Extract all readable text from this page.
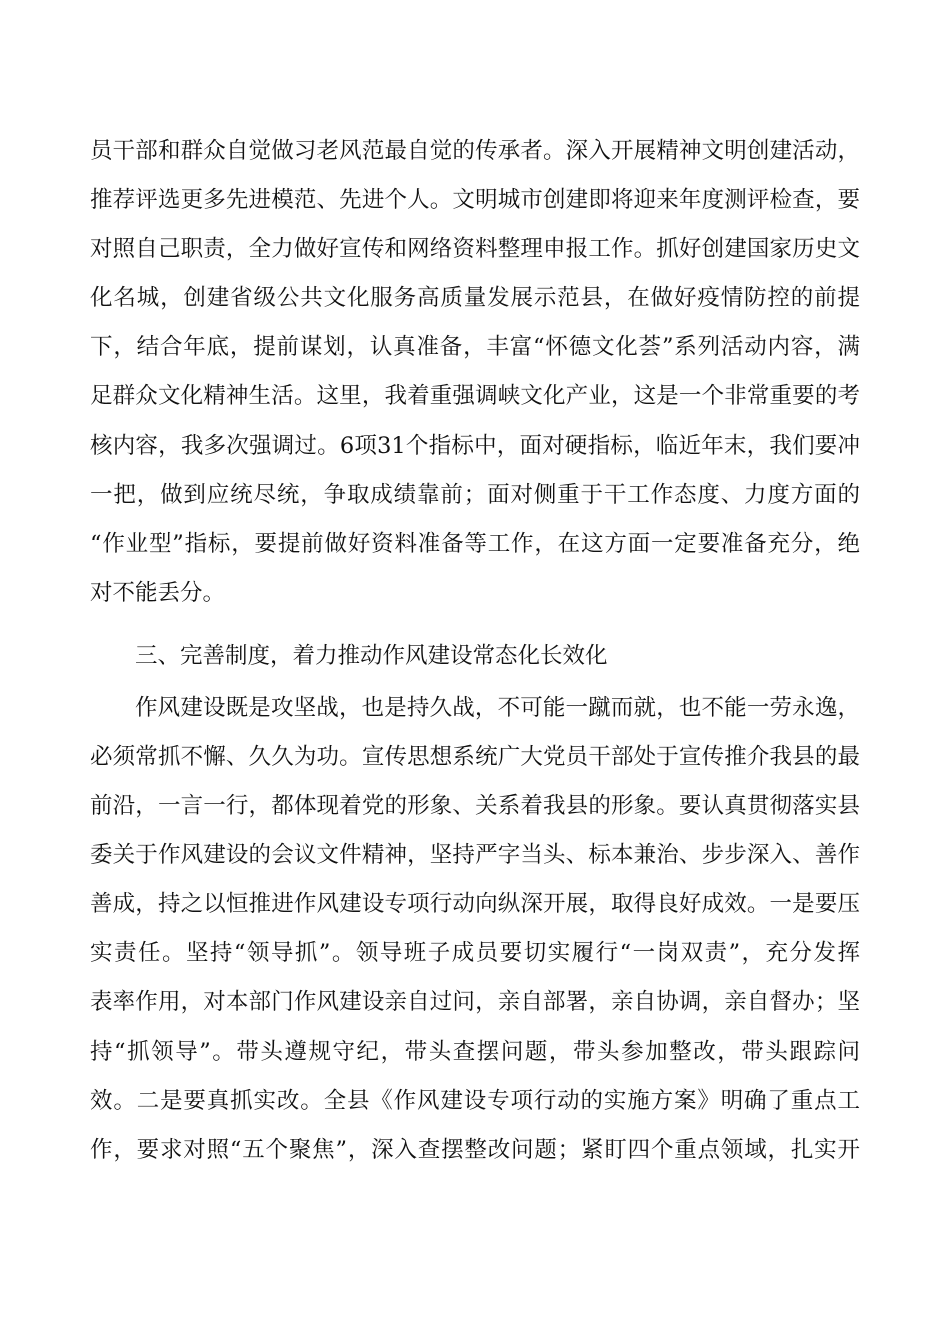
员干部和群众自觉做习老风范最自觉的传承者。深入开展精神文明创建活动，
推荐评选更多先进模范、先进个人。文明城市创建即将迎来年度测评检查，要
对照自己职责，全力做好宣传和网络资料整理申报工作。抓好创建国家历史文
化名城，创建省级公共文化服务高质量发展示范县，在做好疫情防控的前提
下，结合年底，提前谋划，认真准备，丰富“怀德文化荟”系列活动内容，满
足群众文化精神生活。这里，我着重强调峡文化产业，这是一个非常重要的考
核内容，我多次强调过。6项31个指标中，面对硬指标，临近年末，我们要冲
一把，做到应统尽统，争取成绩靠前；面对侧重于干工作态度、力度方面的
“作业型”指标，要提前做好资料准备等工作，在这方面一定要准备充分，绝
对不能丢分。
三、完善制度，着力推动作风建设常态化长效化
作风建设既是攻坚战，也是持久战，不可能一蹴而就，也不能一劳永逸，
必须常抓不懈、久久为功。宣传思想系统广大党员干部处于宣传推介我县的最
前沿，一言一行，都体现着党的形象、关系着我县的形象。要认真贯彻落实县
委关于作风建设的会议文件精神，坚持严字当头、标本兼治、步步深入、善作
善成，持之以恒推进作风建设专项行动向纵深开展，取得良好成效。一是要压
实责任。坚持“领导抓”。领导班子成员要切实履行“一岗双责”，充分发挥
表率作用，对本部门作风建设亲自过问，亲自部署，亲自协调，亲自督办；坚
持“抓领导”。带头遵规守纪，带头查摆问题，带头参加整改，带头跟踪问
效。二是要真抓实改。全县《作风建设专项行动的实施方案》明确了重点工
作，要求对照“五个聚焦”，深入查摆整改问题；紧盯四个重点领域，扎实开
